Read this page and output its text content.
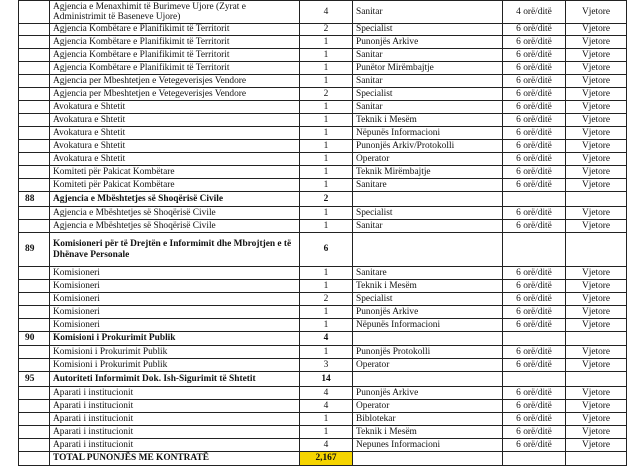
	Agjencia e Menaxhimit të Burimeve Ujore (Zyrat e Administrimit të Baseneve Ujore)	4	Sanitar	4 orë/ditë	Vjetore
	Agjencia Kombëtare e Planifikimit të Territorit	2	Specialist	6 orë/ditë	Vjetore
	Agjencia Kombëtare e Planifikimit të Territorit	1	Punonjës Arkive	6 orë/ditë	Vjetore
	Agjencia Kombëtare e Planifikimit të Territorit	1	Sanitar	6 orë/ditë	Vjetore
	Agjencia Kombëtare e Planifikimit të Territorit	1	Punëtor Mirëmbajtje	6 orë/ditë	Vjetore
	Agjencia per Mbeshtetjen e Vetegeverisjes Vendore	1	Sanitar	6 orë/ditë	Vjetore
	Agjencia per Mbeshtetjen e Vetegeverisjes Vendore	2	Specialist	6 orë/ditë	Vjetore
	Avokatura e Shtetit	1	Sanitar	6 orë/ditë	Vjetore
	Avokatura e Shtetit	1	Teknik i Mesëm	6 orë/ditë	Vjetore
	Avokatura e Shtetit	1	Nëpunës Informacioni	6 orë/ditë	Vjetore
	Avokatura e Shtetit	1	Punonjës Arkiv/Protokolli	6 orë/ditë	Vjetore
	Avokatura e Shtetit	1	Operator	6 orë/ditë	Vjetore
	Komiteti për Pakicat Kombëtare	1	Teknik Mirëmbajtje	6 orë/ditë	Vjetore
	Komiteti për Pakicat Kombëtare	1	Sanitare	6 orë/ditë	Vjetore
88	Agjencia e Mbështetjes së Shoqërisë Civile	2			
	Agjencia e Mbështetjes së Shoqërisë Civile	1	Specialist	6 orë/ditë	Vjetore
	Agjencia e Mbështetjes së Shoqërisë Civile	1	Sanitar	6 orë/ditë	Vjetore
89	Komisioneri për të Drejtën e Informimit dhe Mbrojtjen e të Dhënave Personale	6			
	Komisioneri	1	Sanitare	6 orë/ditë	Vjetore
	Komisioneri	1	Teknik i Mesëm	6 orë/ditë	Vjetore
	Komisioneri	2	Specialist	6 orë/ditë	Vjetore
	Komisioneri	1	Punonjës Arkive	6 orë/ditë	Vjetore
	Komisioneri	1	Nëpunës Informacioni	6 orë/ditë	Vjetore
90	Komisioni i Prokurimit Publik	4			
	Komisioni i Prokurimit Publik	1	Punonjës Protokolli	6 orë/ditë	Vjetore
	Komisioni i Prokurimit Publik	3	Operator	6 orë/ditë	Vjetore
95	Autoriteti Informimit Dok. Ish-Sigurimit të Shtetit	14			
	Aparati i institucionit	4	Punonjës Arkive	6 orë/ditë	Vjetore
	Aparati i institucionit	4	Operator	6 orë/ditë	Vjetore
	Aparati i institucionit	1	Biblotekar	6 orë/ditë	Vjetore
	Aparati i institucionit	1	Teknik i Mesëm	6 orë/ditë	Vjetore
	Aparati i institucionit	4	Nepunes Informacioni	6 orë/ditë	Vjetore
	TOTAL PUNONJËS ME KONTRATË	2,167			
